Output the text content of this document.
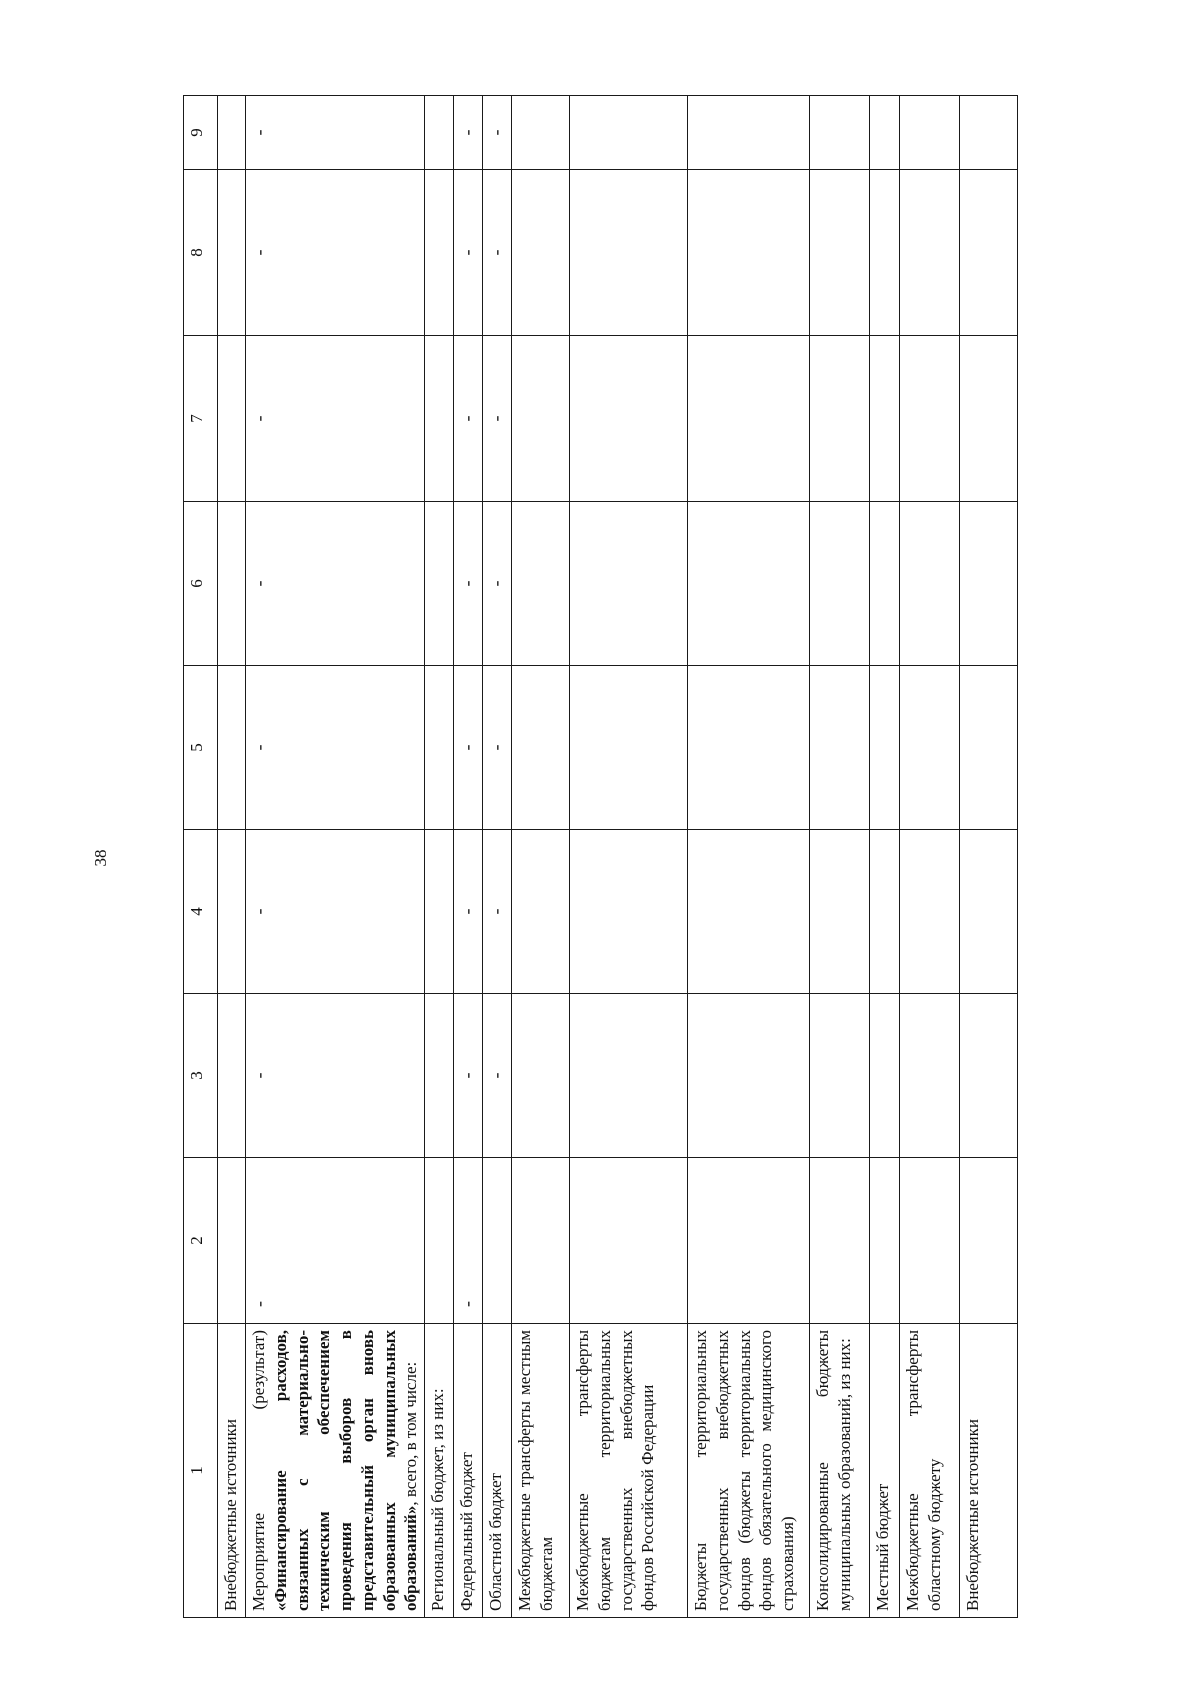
38
1	2	3	4	5	6	7	8	9
Внебюджетные источники								
Мероприятие (результат) «Финансирование расходов, связанных с материально-техническим обеспечением проведения выборов в представительный орган вновь образованных муниципальных образований», всего, в том числе:	-	-	-	-	-	-	-	-
Региональный бюджет, из них:								
Федеральный бюджет	-	-	-	-	-	-	-	-
Областной бюджет		-	-	-	-	-	-	-
Межбюджетные трансферты местным бюджетам								
Межбюджетные трансферты бюджетам территориальных государственных внебюджетных фондов Российской Федерации								
Бюджеты территориальных государственных внебюджетных фондов (бюджеты территориальных фондов обязательного медицинского страхования)								
Консолидированные бюджеты муниципальных образований, из них:								
Местный бюджет								
Межбюджетные трансферты областному бюджету								
Внебюджетные источники								
